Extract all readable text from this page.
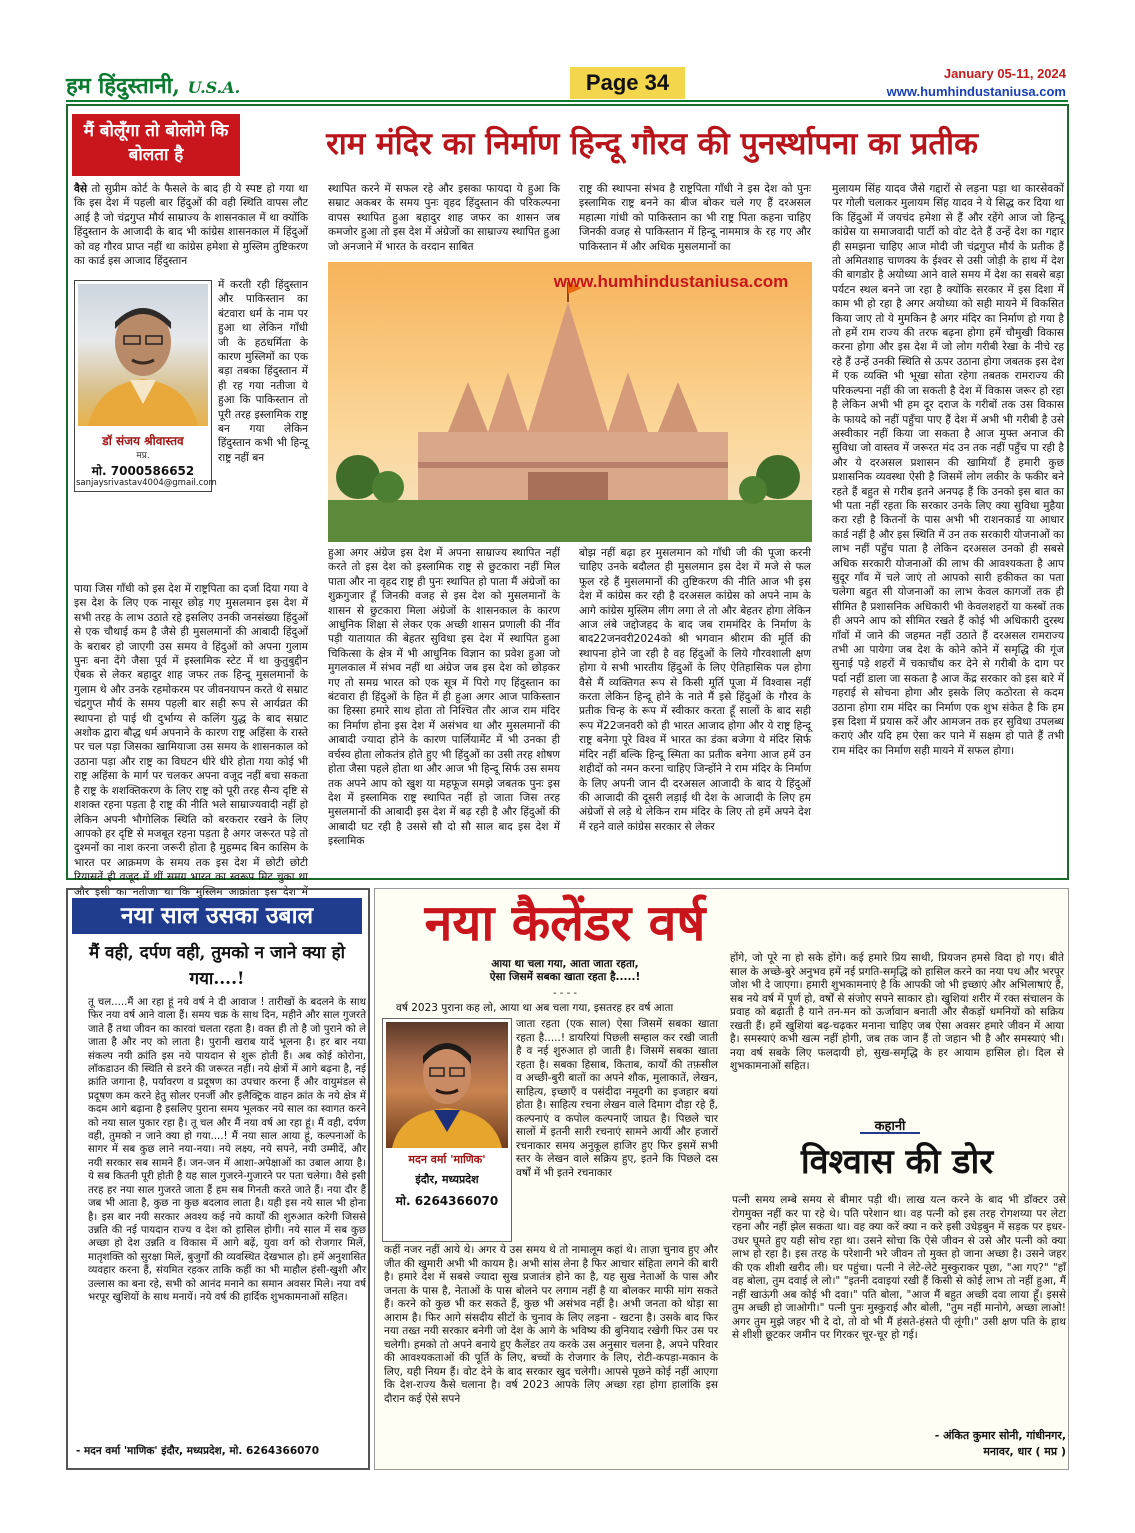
हम हिंदुस्तानी, U.S.A.	Page 34	January 05-11, 2024
www.humhindustaniusa.com
मैं बोलूँगा तो बोलोगे कि बोलता है	राम मंदिर का निर्माण हिन्दू गौरव की पुनर्स्थापना का प्रतीक
वैसे तो सुप्रीम कोर्ट के फैसले के बाद ही ये स्पष्ट हो गया था कि इस देश में पहली बार हिंदुओं की वही स्थिति वापस लौट आई है जो चंद्रगुप्त मौर्य साम्राज्य के शासनकाल में था क्योंकि हिंदुस्तान के आजादी के बाद भी कांग्रेस शासनकाल में हिंदुओं को वह गौरव प्राप्त नहीं था कांग्रेस हमेशा से मुस्लिम तुष्टिकरण का कार्ड इस आजाद हिंदुस्तान
में करती रही हिंदुस्तान और पाकिस्तान का बंटवारा धर्म के नाम पर हुआ था लेकिन गाँधी जी के हठधर्मिता के कारण मुस्लिमों का एक बड़ा तबका हिंदुस्तान में ही रह गया नतीजा ये हुआ कि पाकिस्तान तो पूरी तरह इस्लामिक राष्ट्र बन गया लेकिन हिंदुस्तान कभी भी हिन्दू राष्ट्र नहीं बन
पाया जिस गाँधी को इस देश में राष्ट्रपिता का दर्जा दिया गया वे इस देश के लिए एक नासूर छोड़ गए मुसलमान इस देश में सभी तरह के लाभ उठाते रहे इसलिए उनकी जनसंख्या हिंदुओं से एक चौथाई कम है जैसे ही मुसलमानों की आबादी हिंदुओं के बराबर हो जाएगी उस समय वे हिंदुओं को अपना गुलाम पुनः बना देंगे जैसा पूर्व में इस्लामिक स्टेट में था कुतुबुद्दीन ऐबक से लेकर बहादुर शाह जफर तक हिन्दू मुसलमानों के गुलाम थे और उनके रहमोकरम पर जीवनयापन करते थे सम्राट चंद्रगुप्त मौर्य के समय पहली बार सही रूप से आर्यव्रत की स्थापना हो पाई थी दुर्भाग्य से कलिंग युद्ध के बाद सम्राट अशोक द्वारा बौद्ध धर्म अपनाने के कारण राष्ट्र अहिंसा के रास्ते पर चल पड़ा जिसका खामियाजा उस समय के शासनकाल को उठाना पड़ा और राष्ट्र का विघटन धीरे धीरे होता गया कोई भी राष्ट्र अहिंसा के मार्ग पर चलकर अपना वजूद नहीं बचा सकता है राष्ट्र के शशक्तिकरण के लिए राष्ट्र को पूरी तरह सैन्य दृष्टि से शशक्त रहना पड़ता है राष्ट्र की नीति भले साम्राज्यवादी नहीं हो लेकिन अपनी भौगोलिक स्थिति को बरकरार रखने के लिए आपको हर दृष्टि से मजबूत रहना पड़ता है अगर जरूरत पड़े तो दुश्मनों का नाश करना जरूरी होता है मुहम्मद बिन कासिम के भारत पर आक्रमण के समय तक इस देश में छोटी छोटी रियासतें ही वजूद में थीं समग्र भारत का स्वरूप मिट चुका था और इसी का नतीजा था कि मुस्लिम आक्रांता इस देश में
डॉ संजय श्रीवास्तव
मप्र.
मो. 7000586652
sanjaysrivastav4004@gmail.com
स्थापित करने में सफल रहे और इसका फायदा ये हुआ कि सम्राट अकबर के समय पुनः वृहद हिंदुस्तान की परिकल्पना वापस स्थापित हुआ बहादुर शाह जफर का शासन जब कमजोर हुआ तो इस देश में अंग्रेजों का साम्राज्य स्थापित हुआ जो अनजाने में भारत के वरदान साबित
राष्ट्र की स्थापना संभव है राष्ट्रपिता गाँधी ने इस देश को पुनः इस्लामिक राष्ट्र बनने का बीज बोकर चले गए हैं दरअसल महात्मा गांधी को पाकिस्तान का भी राष्ट्र पिता कहना चाहिए जिनकी वजह से पाकिस्तान में हिन्दू नाममात्र के रह गए और पाकिस्तान में और अधिक मुसलमानों का
www.humhindustaniusa.com
हुआ अगर अंग्रेज इस देश में अपना साम्राज्य स्थापित नहीं करते तो इस देश को इस्लामिक राष्ट्र से छुटकारा नहीं मिल पाता और ना वृहद राष्ट्र ही पुनः स्थापित हो पाता मैं अंग्रेजों का शुक्रगुजार हूँ जिनकी वजह से इस देश को मुसलमानों के शासन से छुटकारा मिला अंग्रेजों के शासनकाल के कारण आधुनिक शिक्षा से लेकर एक अच्छी शासन प्रणाली की नींव पड़ी यातायात की बेहतर सुविधा इस देश में स्थापित हुआ चिकित्सा के क्षेत्र में भी आधुनिक विज्ञान का प्रवेश हुआ जो मुगलकाल में संभव नहीं था अंग्रेज जब इस देश को छोड़कर गए तो समग्र भारत को एक सूत्र में पिरो गए हिंदुस्तान का बंटवारा ही हिंदुओं के हित में ही हुआ अगर आज पाकिस्तान का हिस्सा हमारे साथ होता तो निश्चित तौर आज राम मंदिर का निर्माण होना इस देश में असंभव था और मुसलमानों की आबादी ज्यादा होने के कारण पार्लियामेंट में भी उनका ही वर्चस्व होता लोकतंत्र होते हुए भी हिंदुओं का उसी तरह शोषण होता जैसा पहले होता था और आज भी हिन्दू सिर्फ उस समय तक अपने आप को खुश या महफूज समझे जबतक पुनः इस देश में इस्लामिक राष्ट्र स्थापित नहीं हो जाता जिस तरह मुसलमानों की आबादी इस देश में बढ़ रही है और हिंदुओं की आबादी घट रही है उससे सौ दो सौ साल बाद इस देश में इस्लामिक
बोझ नहीं बढ़ा हर मुसलमान को गाँधी जी की पूजा करनी चाहिए उनके बदौलत ही मुसलमान इस देश में मजे से फल फूल रहे हैं मुसलमानों की तुष्टिकरण की नीति आज भी इस देश में कांग्रेस कर रही है दरअसल कांग्रेस को अपने नाम के आगे कांग्रेस मुस्लिम लीग लगा ले तो और बेहतर होगा लेकिन आज लंबे जद्दोजहद के बाद जब राममंदिर के निर्माण के बाद22जनवरी2024को श्री भगवान श्रीराम की मूर्ति की स्थापना होने जा रही है वह हिंदुओं के लिये गौरवशाली क्षण होगा ये सभी भारतीय हिंदुओं के लिए ऐतिहासिक पल होगा वैसे मैं व्यक्तिगत रूप से किसी मूर्ति पूजा में विश्वास नहीं करता लेकिन हिन्दू होने के नाते मैं इसे हिंदुओं के गौरव के प्रतीक चिन्ह के रूप में स्वीकार करता हूँ सालों के बाद सही रूप में22जनवरी को ही भारत आजाद होगा और ये राष्ट्र हिन्दू राष्ट्र बनेगा पूरे विश्व में भारत का डंका बजेगा ये मंदिर सिर्फ मंदिर नहीं बल्कि हिन्दू स्मिता का प्रतीक बनेगा आज हमें उन शहीदों को नमन करना चाहिए जिन्होंने ने राम मंदिर के निर्माण के लिए अपनी जान दी दरअसल आजादी के बाद ये हिंदुओं की आजादी की दूसरी लड़ाई थी देश के आजादी के लिए हम अंग्रेजों से लड़े थे लेकिन राम मंदिर के लिए तो हमें अपने देश में रहने वाले कांग्रेस सरकार से लेकर
मुलायम सिंह यादव जैसे गद्दारों से लड़ना पड़ा था कारसेवकों पर गोली चलाकर मुलायम सिंह यादव ने ये सिद्ध कर दिया था कि हिंदुओं में जयचंद हमेशा से हैं और रहेंगे आज जो हिन्दू कांग्रेस या समाजवादी पार्टी को वोट देते हैं उन्हें देश का गद्दार ही समझना चाहिए आज मोदी जी चंद्रगुप्त मौर्य के प्रतीक हैं तो अमितशाह चाणक्य के ईश्वर से उसी जोड़ी के हाथ में देश की बागडोर है अयोध्या आने वाले समय में देश का सबसे बड़ा पर्यटन स्थल बनने जा रहा है क्योंकि सरकार में इस दिशा में काम भी हो रहा है अगर अयोध्या को सही मायने में विकसित किया जाए तो ये मुमकिन है अगर मंदिर का निर्माण हो गया है तो हमें राम राज्य की तरफ बढ़ना होगा हमें चौमुखी विकास करना होगा और इस देश में जो लोग गरीबी रेखा के नीचे रह रहे हैं उन्हें उनकी स्थिति से ऊपर उठाना होगा जबतक इस देश में एक व्यक्ति भी भूखा सोता रहेगा तबतक रामराज्य की परिकल्पना नहीं की जा सकती है देश में विकास जरूर हो रहा है लेकिन अभी भी हम दूर दराज के गरीबों तक उस विकास के फायदे को नहीं पहुँचा पाए हैं देश में अभी भी गरीबी है उसे अस्वीकार नहीं किया जा सकता है आज मुफ्त अनाज की सुविधा जो वास्तव में जरूरत मंद उन तक नहीं पहुँच पा रही है और ये दरअसल प्रशासन की खामियाँ हैं हमारी कुछ प्रशासनिक व्यवस्था ऐसी है जिसमें लोग लकीर के फकीर बने रहते हैं बहुत से गरीब इतने अनपढ़ हैं कि उनको इस बात का भी पता नहीं रहता कि सरकार उनके लिए क्या सुविधा मुहैया करा रही है कितनों के पास अभी भी राशनकार्ड या आधार कार्ड नहीं है और इस स्थिति में उन तक सरकारी योजनाओं का लाभ नहीं पहुँच पाता है लेकिन दरअसल उनको ही सबसे अधिक सरकारी योजनाओं की लाभ की आवश्यकता है आप सुदूर गाँव में चले जाएं तो आपको सारी हकीकत का पता चलेगा बहुत सी योजनाओं का लाभ केवल कागजों तक ही सीमित है प्रशासनिक अधिकारी भी केवलशहरों या कस्बों तक ही अपने आप को सीमित रखते हैं कोई भी अधिकारी दुरस्थ गाँवों में जाने की जहमत नहीं उठाते हैं दरअसल रामराज्य तभी आ पायेगा जब देश के कोने कोने में समृद्धि की गूंज सुनाई पड़े शहरों में चकाचौंध कर देने से गरीबी के दाग पर पर्दा नहीं डाला जा सकता है आज केंद्र सरकार को इस बारे में गहराई से सोचना होगा और इसके लिए कठोरता से कदम उठाना होगा राम मंदिर का निर्माण एक शुभ संकेत है कि हम इस दिशा में प्रयास करें और आमजन तक हर सुविधा उपलब्ध कराएं और यदि हम ऐसा कर पाने में सक्षम हो पाते हैं तभी राम मंदिर का निर्माण सही मायने में सफल होगा।
नया साल उसका उबाल
मैं वही, दर्पण वही, तुमको न जाने क्या हो गया....!
तू चल.....मैं आ रहा हूं नये वर्ष ने दी आवाज ! तारीखों के बदलने के साथ फिर नया वर्ष आने वाला हैं। समय चक्र के साथ दिन, महीने और साल गुजरते जाते हैं तथा जीवन का कारवां चलता रहता है। वक्त ही तो है जो पुराने को ले जाता है और नए को लाता है। पुरानी खराब यादें भूलना है। हर बार नया संकल्प नयी क्रांति इस नये पायदान से शुरू होती हैं। अब कोई कोरोना, लॉकडाउन की स्थिति से डरने की जरूरत नहीं। नये क्षेत्रों में आगे बढ़ना है, नई क्रांति जगाना है, पर्यावरण व प्रदूषण का उपचार करना हैं और वायुमंडल से प्रदूषण कम करने हेतु सोलर एनर्जी और इलैक्ट्रिक वाहन क्रांत के नये क्षेत्र में कदम आगे बढ़ाना है इसलिए पुराना समय भूलकर नये साल का स्वागत करने को नया साल पुकार रहा है। तू चल और मैं नया वर्ष आ रहा हूं। मैं वही, दर्पण वही, तुमको न जाने क्या हो गया....! मैं नया साल आया हूं, कल्पनाओं के सागर में सब कुछ लाने नया-नया। नये लक्ष्य, नये सपने, नयी उम्मीदें, और नयी सरकार सब सामने हैं। जन-जन में आशा-अपेक्षाओं का उबाल आया है। ये सब कितनी पूरी होती है यह साल गुजरने-गुजारने पर पता चलेगा। वैसे इसी तरह हर नया साल गुजरते जाता हैं हम सब गिनती करते जाते हैं। नया दौर हैं जब भी आता है, कुछ ना कुछ बदलाव लाता है। यही इस नये साल भी होना है। इस बार नयी सरकार अवश्य कई नये कार्यों की शुरुआत करेगी जिससे उन्नति की नई पायदान राज्य व देश को हासिल होगी। नये साल में सब कुछ अच्छा हो देश उन्नति व विकास में आगे बढ़ें, युवा वर्ग को रोजगार मिलें, मातृशक्ति को सुरक्षा मिलें, बुजुर्गों की व्यवस्थित देखभाल हो। हमें अनुशासित व्यवहार करना हैं, संयमित रहकर ताकि कहीं का भी माहौल हंसी-खुशी और उल्लास का बना रहे, सभी को आनंद मनाने का समान अवसर मिले। नया वर्ष भरपूर खुशियों के साथ मनायें। नये वर्ष की हार्दिक शुभकामनाओं सहित।
- मदन वर्मा 'माणिक' इंदौर, मध्यप्रदेश, मो. 6264366070
नया कैलेंडर वर्ष
आया था चला गया, आता जाता रहता,
ऐसा जिसमें सबका खाता रहता है.....!
- - - -
वर्ष 2023 पुराना कह लो, आया था अब चला गया, इसतरह हर वर्ष आता
मदन वर्मा 'माणिक'
इंदौर, मध्यप्रदेश
मो. 6264366070
जाता रहता (एक साल) ऐसा जिसमें सबका खाता रहता है.....! डायरियां पिछली सम्हाल कर रखी जाती है व नई शुरुआत हो जाती है। जिसमें सबका खाता रहता है। सबका हिसाब, किताब, कार्यों की तफ़सील व अच्छी-बुरी बातों का अपने शौक, मुलाकातें, लेखन, साहित्य, इच्छाएँ व पसंदीदा नमूदगी का इजहार बयां होता है। साहित्य रचना लेखन वाले दिमाग दौड़ा रहे हैं, कल्पनाएं व कपोल कल्पनाएँ जाग्रत है। पिछले चार सालों में इतनी सारी रचनाएं सामने आयीं और हजारों रचनाकार समय अनुकूल हाजिर हुए फिर इसमें सभी स्तर के लेखन वाले सक्रिय हुए, इतने कि पिछले दस वर्षों में भी इतने रचनाकार
कहीं नजर नहीं आये थे। अगर ये उस समय थे तो नामालूम कहां थे। ताज़ा चुनाव हुए और जीत की खुमारी अभी भी कायम है। अभी सांस लेना है फिर आचार संहिता लगने की बारी है। हमारे देश में सबसे ज्यादा सुख प्रजातंत्र होने का है, यह सुख नेताओं के पास और जनता के पास है, नेताओं के पास बोलने पर लगाम नहीं है या बोलकर माफी मांग सकते हैं। करने को कुछ भी कर सकते हैं, कुछ भी असंभव नहीं है। अभी जनता को थोड़ा सा आराम है। फिर आगे संसदीय सीटों के चुनाव के लिए लड़ना - खटना है। उसके बाद फिर नया तख्त नयी सरकार बनेगी जो देश के आगे के भविष्य की बुनियाद रखेगी फिर उस पर चलेगी। हमको तो अपने बनाये हुए कैलेंडर तय करके उस अनुसार चलना है, अपने परिवार की आवश्यकताओं की पूर्ति के लिए, बच्चों के रोजगार के लिए, रोटी-कपड़ा-मकान के लिए, यही नियम हैं। वोट देने के बाद सरकार खुद चलेगी। आपसे पूछने कोई नहीं आएगा कि देश-राज्य कैसे चलाना है। वर्ष 2023 आपके लिए अच्छा रहा होगा हालांकि इस दौरान कई ऐसे सपने
होंगे, जो पूरे ना हो सके होंगे। कई हमारे प्रिय साथी, प्रियजन हमसे विदा हो गए। बीते साल के अच्छे-बुरे अनुभव हमें नई प्रगति-समृद्धि को हासिल करने का नया पथ और भरपूर जोश भी दे जाएगा। हमारी शुभकामनाएं है कि आपकी जो भी इच्छाएं और अभिलाषाएं हैं, सब नये वर्ष में पूर्ण हो, वर्षों से संजोए सपने साकार हो। खुशियां शरीर में रक्त संचालन के प्रवाह को बढ़ाती है याने तन-मन को ऊर्जावान बनाती और सैकड़ों धमनियों को सक्रिय रखती हैं। हमें खुशियां बढ़-चढ़कर मनाना चाहिए जब ऐसा अवसर हमारे जीवन में आया है। समस्याएं कभी खत्म नहीं होगी, जब तक जान हैं तो जहान भी है और समस्याएं भी। नया वर्ष सबके लिए फलदायी हो, सुख-समृद्धि के हर आयाम हासिल हो। दिल से शुभकामनाओं सहित।
कहानी
विश्वास की डोर
पत्नी समय लम्बे समय से बीमार पड़ी थी। लाख यत्न करने के बाद भी डॉक्टर उसे रोगमुक्त नहीं कर पा रहे थे। पति परेशान था। वह पत्नी को इस तरह रोगशय्या पर लेटा रहना और नहीं झेल सकता था। वह क्या करें क्या न करे इसी उधेड़बुन में सड़क पर इधर-उधर घूमते हुए यही सोच रहा था। उसने सोचा कि ऐसे जीवन से उसे और पत्नी को क्या लाभ हो रहा है। इस तरह के परेशानी भरे जीवन तो मुक्त हो जाना अच्छा है। उसने जहर की एक शीशी खरीद ली। घर पहुंचा। पत्नी ने लेटे-लेटे मुस्कुराकर पूछा, "आ गए?" "हाँ वह बोला, तुम दवाई ले लो।" "इतनी दवाइयां रखी हैं किसी से कोई लाभ तो नहीं हुआ, मैं नहीं खाऊंगी अब कोई भी दवा।" पति बोला, "आज मैं बहुत अच्छी दवा लाया हूँ। इससे तुम अच्छी हो जाओगी।" पत्नी पुनः मुस्कुराई और बोली, "तुम नहीं मानोगे, अच्छा लाओ! अगर तुम मुझे जहर भी दे दो, तो वो भी मैं हंसते-हंसते पी लूंगी।" उसी क्षण पति के हाथ से शीशी छूटकर जमीन पर गिरकर चूर-चूर हो गई।
- अंकित कुमार सोनी, गांधीनगर,
मनावर, धार ( मप्र )
